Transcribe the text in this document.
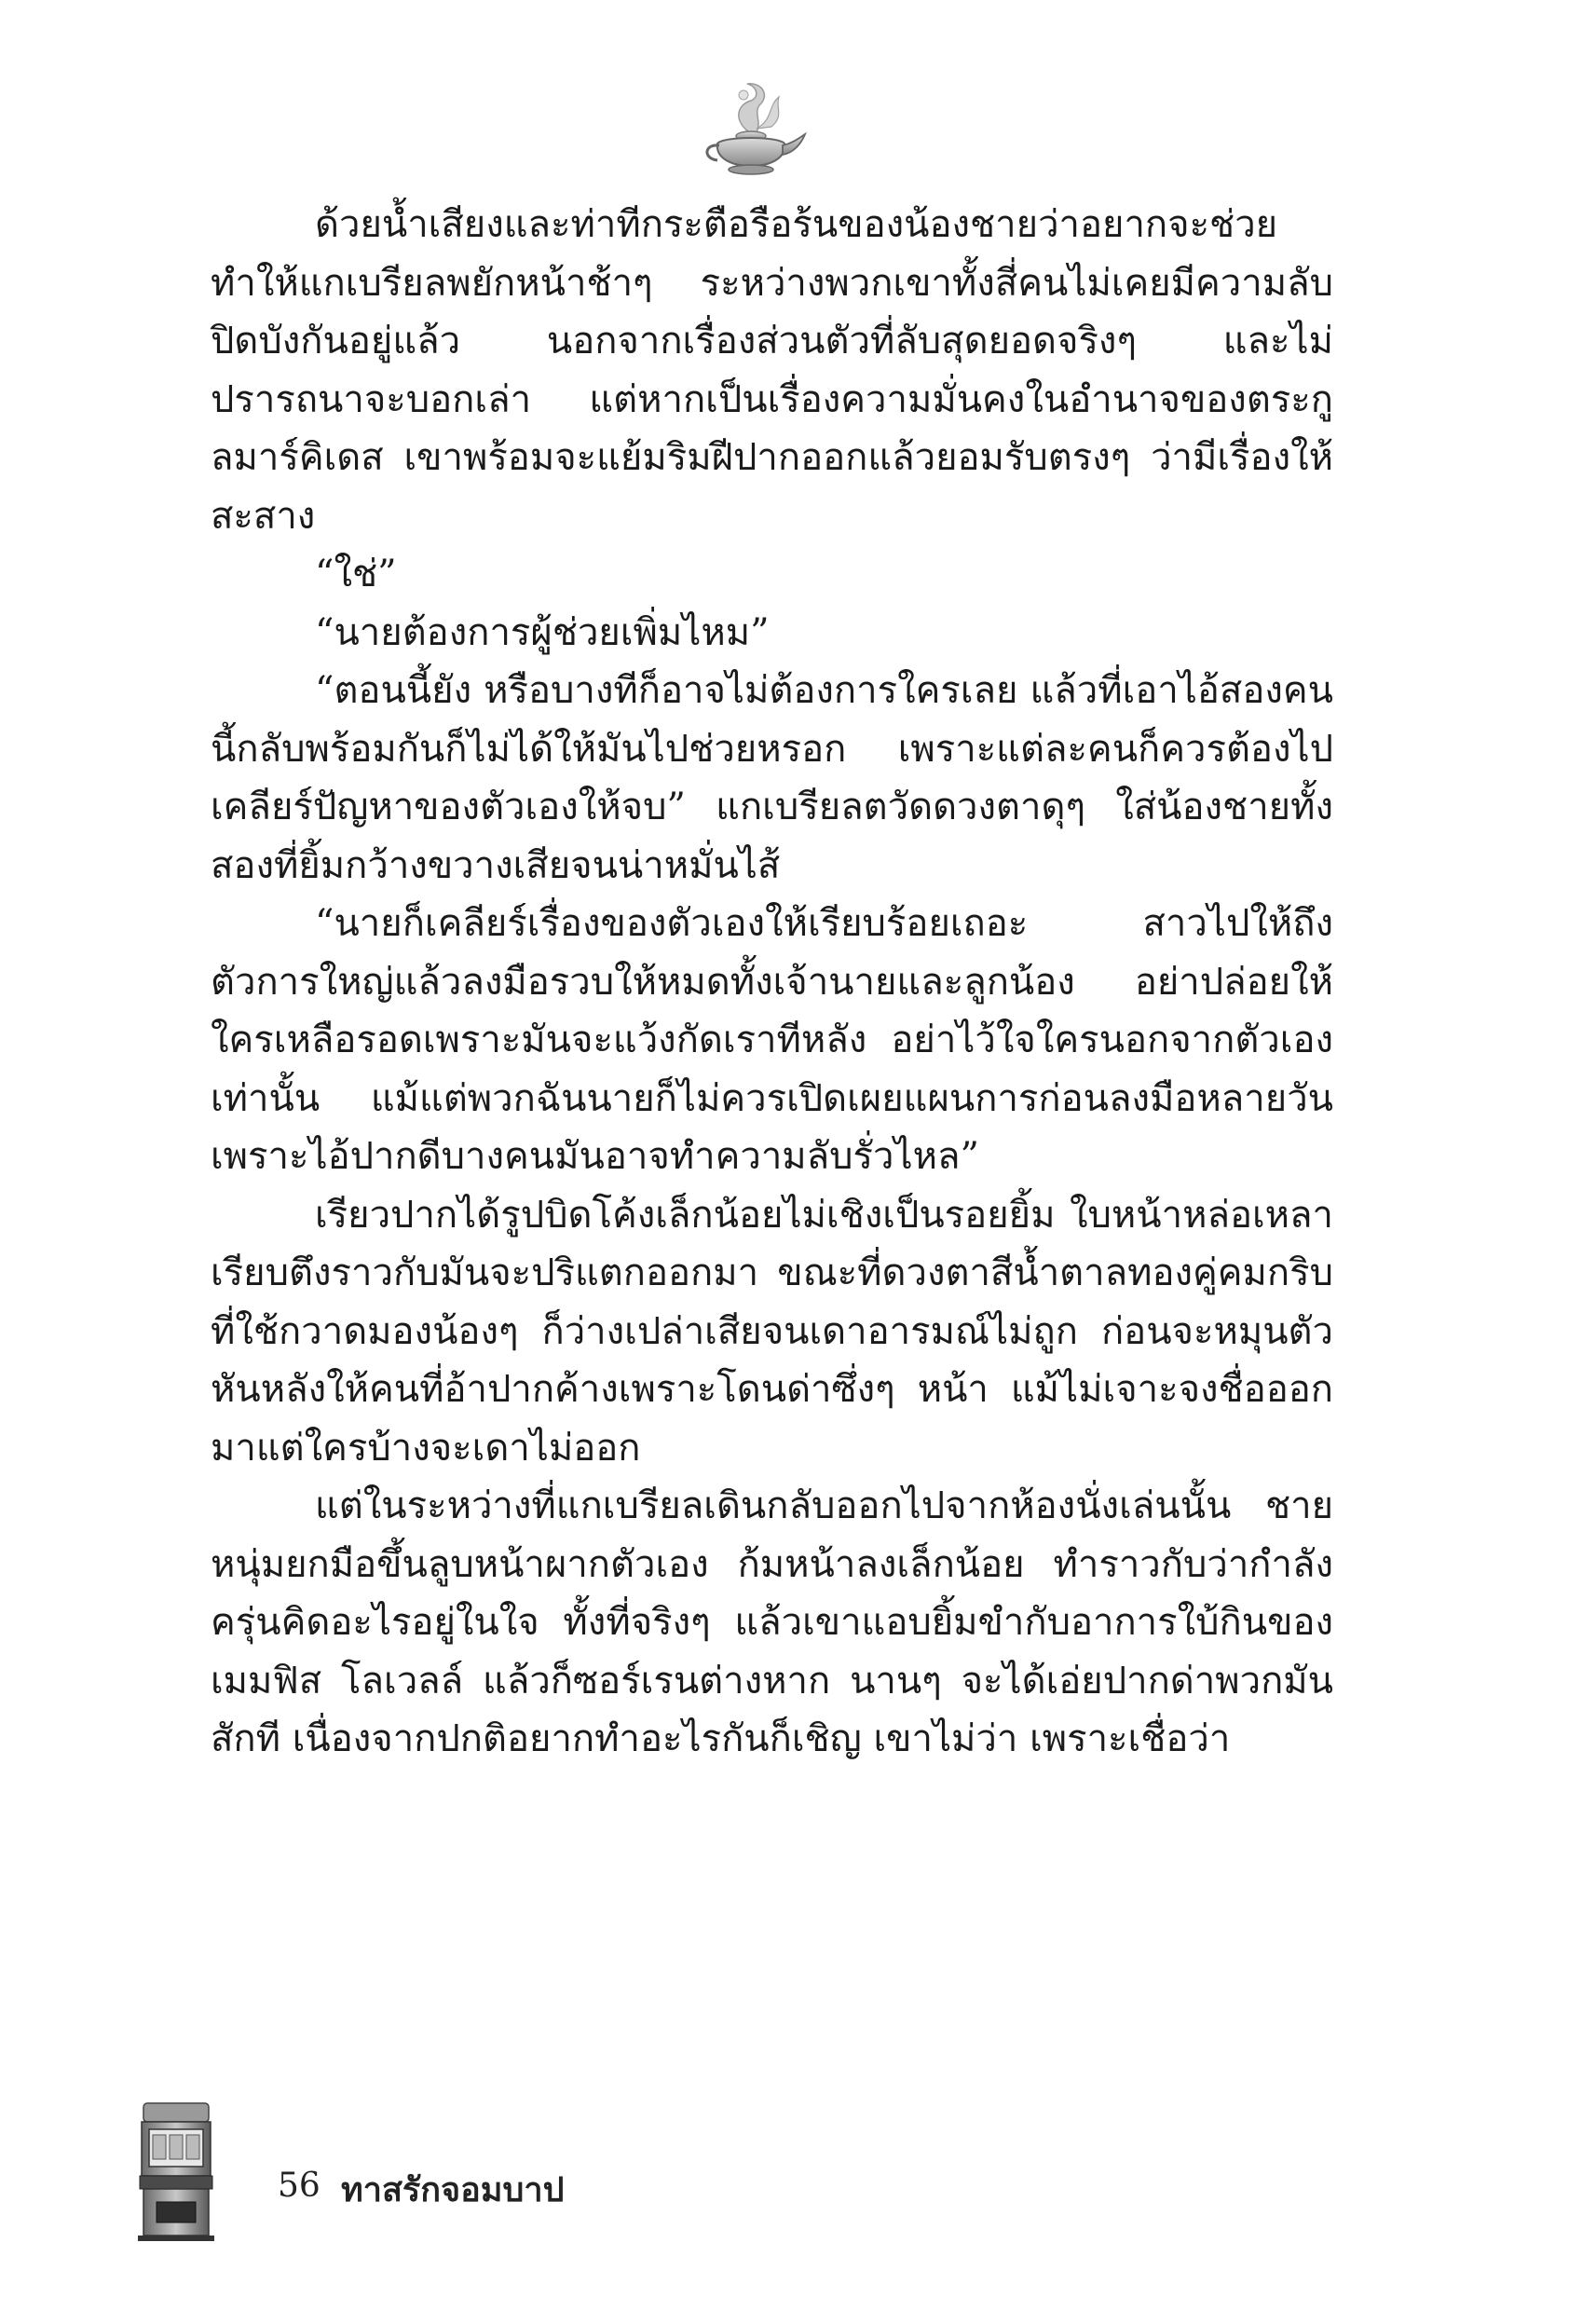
ด้วยน้ำเสียงและท่าทีกระตือรือร้นของน้องชายว่าอยากจะช่วย ทำให้แกเบรียลพยักหน้าช้าๆ ระหว่างพวกเขาทั้งสี่คนไม่เคยมีความลับปิดบังกันอยู่แล้ว นอกจากเรื่องส่วนตัวที่ลับสุดยอดจริงๆ และไม่ปรารถนาจะบอกเล่า แต่หากเป็นเรื่องความมั่นคงในอำนาจของตระกูลมาร์คิเดส เขาพร้อมจะแย้มริมฝีปากออกแล้วยอมรับตรงๆ ว่ามีเรื่องให้สะสาง

“ใช่”

“นายต้องการผู้ช่วยเพิ่มไหม”

“ตอนนี้ยัง หรือบางทีก็อาจไม่ต้องการใครเลย แล้วที่เอาไอ้สองคนนี้กลับพร้อมกันก็ไม่ได้ให้มันไปช่วยหรอก เพราะแต่ละคนก็ควรต้องไปเคลียร์ปัญหาของตัวเองให้จบ” แกเบรียลตวัดดวงตาดุๆ ใส่น้องชายทั้งสองที่ยิ้มกว้างขวางเสียจนน่าหมั่นไส้

“นายก็เคลียร์เรื่องของตัวเองให้เรียบร้อยเถอะ สาวไปให้ถึงตัวการใหญ่แล้วลงมือรวบให้หมดทั้งเจ้านายและลูกน้อง อย่าปล่อยให้ใครเหลือรอดเพราะมันจะแว้งกัดเราทีหลัง อย่าไว้ใจใครนอกจากตัวเองเท่านั้น แม้แต่พวกฉันนายก็ไม่ควรเปิดเผยแผนการก่อนลงมือหลายวัน เพราะไอ้ปากดีบางคนมันอาจทำความลับรั่วไหล”

เรียวปากได้รูปบิดโค้งเล็กน้อยไม่เชิงเป็นรอยยิ้ม ใบหน้าหล่อเหลาเรียบตึงราวกับมันจะปริแตกออกมา ขณะที่ดวงตาสีน้ำตาลทองคู่คมกริบที่ใช้กวาดมองน้องๆ ก็ว่างเปล่าเสียจนเดาอารมณ์ไม่ถูก ก่อนจะหมุนตัวหันหลังให้คนที่อ้าปากค้างเพราะโดนด่าซึ่งๆ หน้า แม้ไม่เจาะจงชื่อออกมาแต่ใครบ้างจะเดาไม่ออก

แต่ในระหว่างที่แกเบรียลเดินกลับออกไปจากห้องนั่งเล่นนั้น ชายหนุ่มยกมือขึ้นลูบหน้าผากตัวเอง ก้มหน้าลงเล็กน้อย ทำราวกับว่ากำลังครุ่นคิดอะไรอยู่ในใจ ทั้งที่จริงๆ แล้วเขาแอบยิ้มขำกับอาการใบ้กินของเมมฟิส โลเวลล์ แล้วก็ซอร์เรนต่างหาก นานๆ จะได้เอ่ยปากด่าพวกมันสักที เนื่องจากปกติอยากทำอะไรกันก็เชิญ เขาไม่ว่า เพราะเชื่อว่า

56 ทาสรักจอมบาป
